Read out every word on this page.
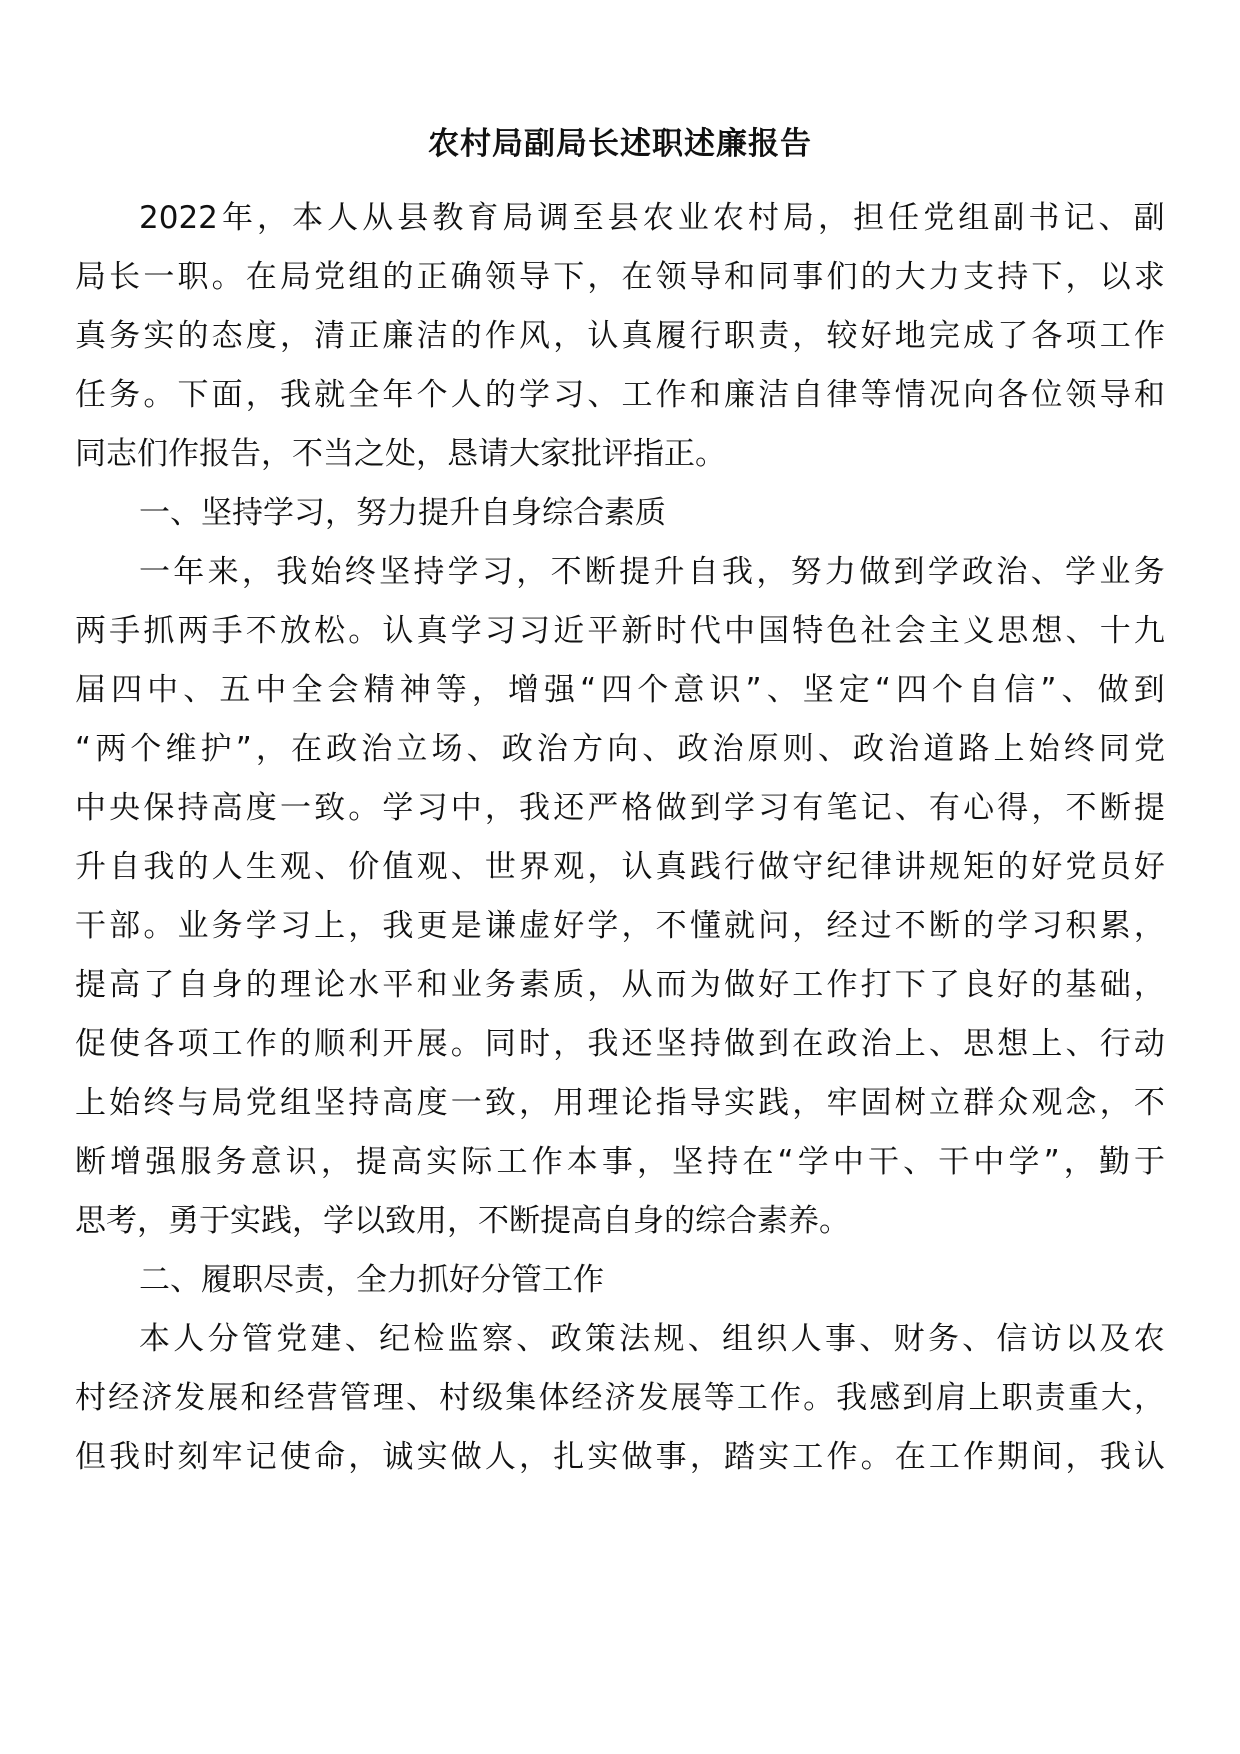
农村局副局长述职述廉报告

2022 年 ， 本 人 从 县 教 育 局 调 至 县 农 业 农 村 局 ， 担 任 党 组 副 书 记 、 副

局 长 一 职 。 在 局 党 组 的 正 确 领 导 下 ， 在 领 导 和 同 事 们 的 大 力 支 持 下 ， 以 求

真 务 实 的 态 度 ， 清 正 廉 洁 的 作 风 ， 认 真 履 行 职 责 ， 较 好 地 完 成 了 各 项 工 作

任 务 。 下 面 ， 我 就 全 年 个 人 的 学 习 、 工 作 和 廉 洁 自 律 等 情 况 向 各 位 领 导 和

同志们作报告，不当之处，恳请大家批评指正。

一、坚持学习，努力提升自身综合素质

一 年 来 ， 我 始 终 坚 持 学 习 ， 不 断 提 升 自 我 ， 努 力 做 到 学 政 治 、 学 业 务

两 手 抓 两 手 不 放 松 。 认 真 学 习 习 近 平 新 时 代 中 国 特 色 社 会 主 义 思 想 、 十 九

届 四 中 、 五 中 全 会 精 神 等 ， 增 强 “ 四 个 意 识 ” 、 坚 定 “ 四 个 自 信 ” 、 做 到

“ 两 个 维 护 ” ， 在 政 治 立 场 、 政 治 方 向 、 政 治 原 则 、 政 治 道 路 上 始 终 同 党

中 央 保 持 高 度 一 致 。 学 习 中 ， 我 还 严 格 做 到 学 习 有 笔 记 、 有 心 得 ， 不 断 提

升 自 我 的 人 生 观 、 价 值 观 、 世 界 观 ， 认 真 践 行 做 守 纪 律 讲 规 矩 的 好 党 员 好

干 部 。 业 务 学 习 上 ， 我 更 是 谦 虚 好 学 ， 不 懂 就 问 ， 经 过 不 断 的 学 习 积 累 ，

提 高 了 自 身 的 理 论 水 平 和 业 务 素 质 ， 从 而 为 做 好 工 作 打 下 了 良 好 的 基 础 ，

促 使 各 项 工 作 的 顺 利 开 展 。 同 时 ， 我 还 坚 持 做 到 在 政 治 上 、 思 想 上 、 行 动

上 始 终 与 局 党 组 坚 持 高 度 一 致 ， 用 理 论 指 导 实 践 ， 牢 固 树 立 群 众 观 念 ， 不

断 增 强 服 务 意 识 ， 提 高 实 际 工 作 本 事 ， 坚 持 在 “ 学 中 干 、 干 中 学 ” ， 勤 于

思考，勇于实践，学以致用，不断提高自身的综合素养。

二、履职尽责，全力抓好分管工作

本 人 分 管 党 建 、 纪 检 监 察 、 政 策 法 规 、 组 织 人 事 、 财 务 、 信 访 以 及 农

村 经 济 发 展 和 经 营 管 理 、 村 级 集 体 经 济 发 展 等 工 作 。 我 感 到 肩 上 职 责 重 大 ，

但 我 时 刻 牢 记 使 命 ， 诚 实 做 人 ， 扎 实 做 事 ， 踏 实 工 作 。 在 工 作 期 间 ， 我 认
